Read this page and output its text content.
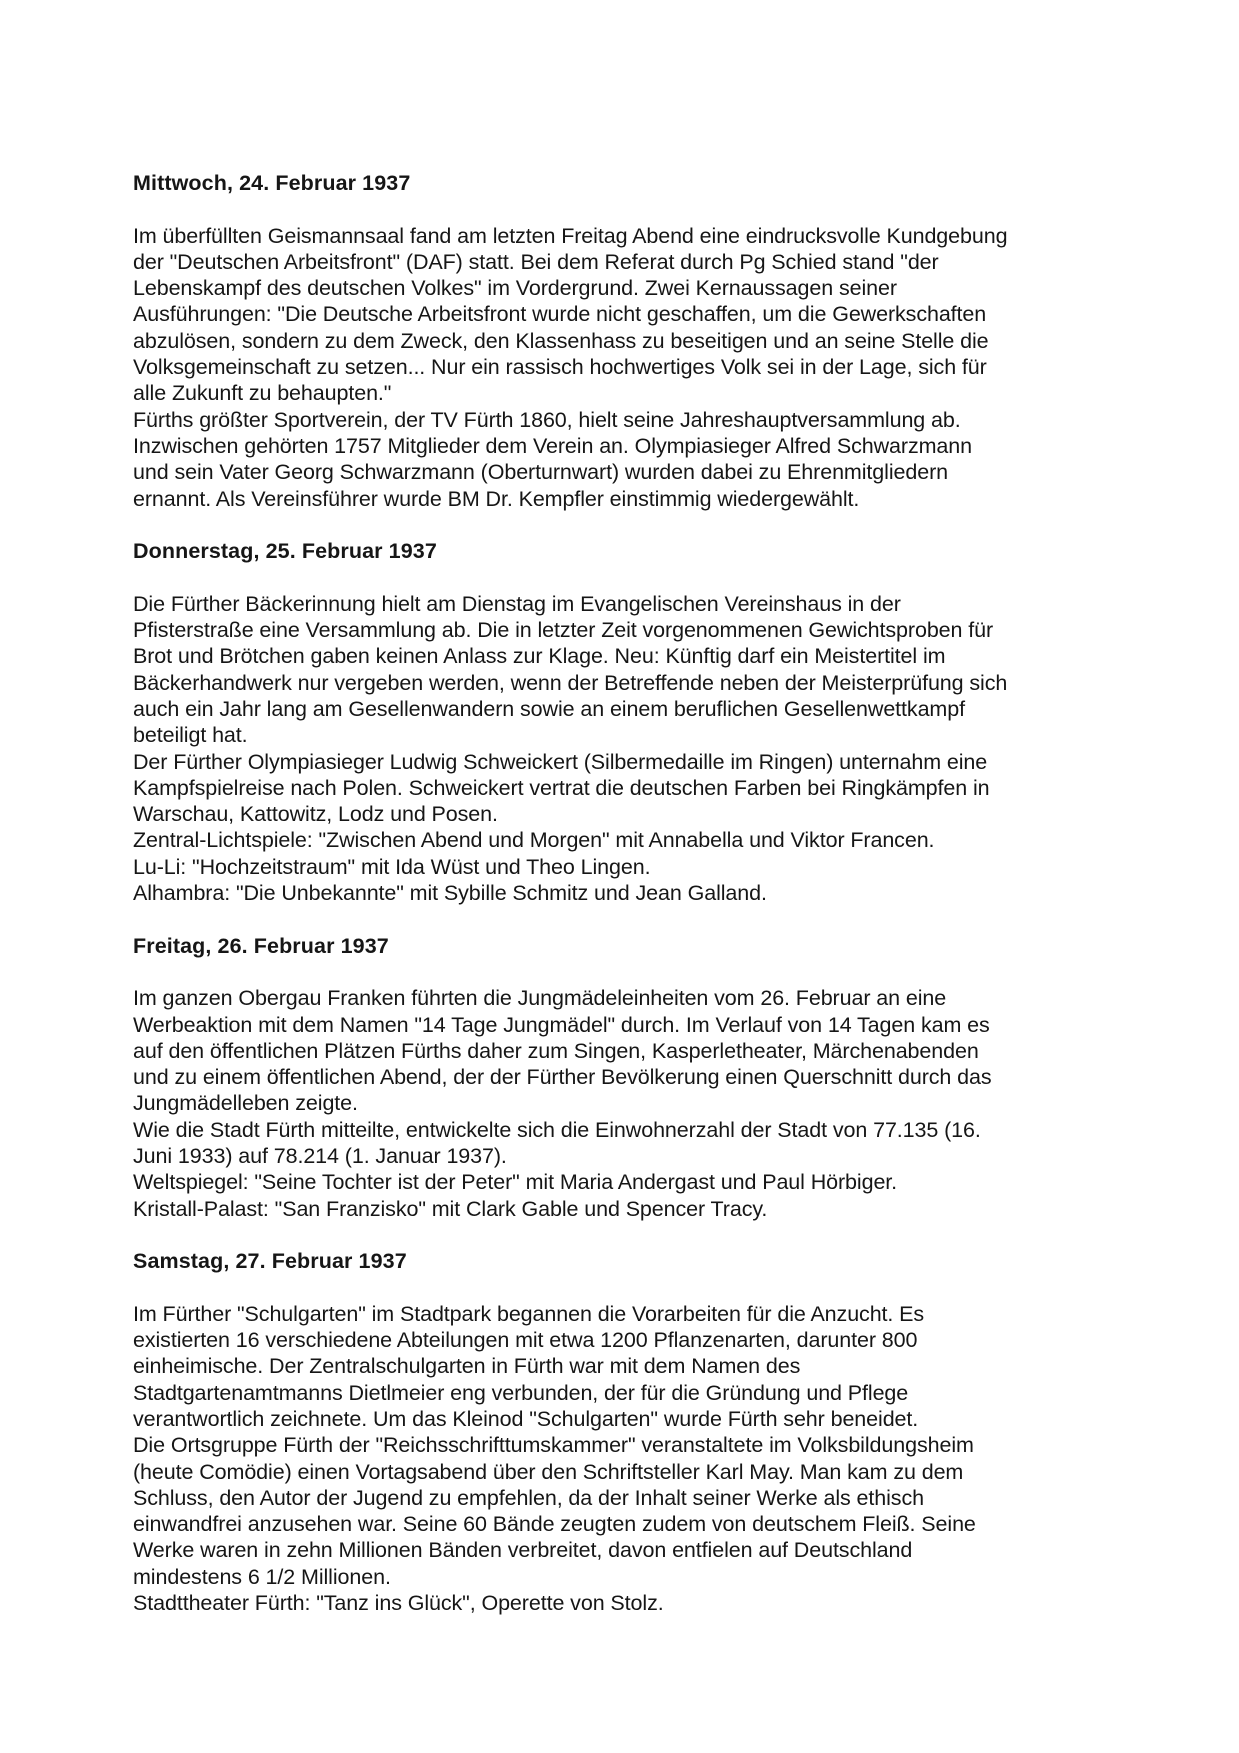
Mittwoch, 24. Februar 1937
Im überfüllten Geismannsaal fand am letzten Freitag Abend eine eindrucksvolle Kundgebung
der "Deutschen Arbeitsfront" (DAF) statt. Bei dem Referat durch Pg Schied stand "der
Lebenskampf des deutschen Volkes" im Vordergrund. Zwei Kernaussagen seiner
Ausführungen: "Die Deutsche Arbeitsfront wurde nicht geschaffen, um die Gewerkschaften
abzulösen, sondern zu dem Zweck, den Klassenhass zu beseitigen und an seine Stelle die
Volksgemeinschaft zu setzen... Nur ein rassisch hochwertiges Volk sei in der Lage, sich für
alle Zukunft zu behaupten."
Fürths größter Sportverein, der TV Fürth 1860, hielt seine Jahreshauptversammlung ab.
Inzwischen gehörten 1757 Mitglieder dem Verein an. Olympiasieger Alfred Schwarzmann
und sein Vater Georg Schwarzmann (Oberturnwart) wurden dabei zu Ehrenmitgliedern
ernannt. Als Vereinsführer wurde BM Dr. Kempfler einstimmig wiedergewählt.
Donnerstag, 25. Februar 1937
Die Fürther Bäckerinnung hielt am Dienstag im Evangelischen Vereinshaus in der
Pfisterstraße eine Versammlung ab. Die in letzter Zeit vorgenommenen Gewichtsproben für
Brot und Brötchen gaben keinen Anlass zur Klage. Neu: Künftig darf ein Meistertitel im
Bäckerhandwerk nur vergeben werden, wenn der Betreffende neben der Meisterprüfung sich
auch ein Jahr lang am Gesellenwandern sowie an einem beruflichen Gesellenwettkampf
beteiligt hat.
Der Fürther Olympiasieger Ludwig Schweickert (Silbermedaille im Ringen) unternahm eine
Kampfspielreise nach Polen. Schweickert vertrat die deutschen Farben bei Ringkämpfen in
Warschau, Kattowitz, Lodz und Posen.
Zentral-Lichtspiele: "Zwischen Abend und Morgen" mit Annabella und Viktor Francen.
Lu-Li: "Hochzeitstraum" mit Ida Wüst und Theo Lingen.
Alhambra: "Die Unbekannte" mit Sybille Schmitz und Jean Galland.
Freitag, 26. Februar 1937
Im ganzen Obergau Franken führten die Jungmädeleinheiten vom 26. Februar an eine
Werbeaktion mit dem Namen "14 Tage Jungmädel" durch. Im Verlauf von 14 Tagen kam es
auf den öffentlichen Plätzen Fürths daher zum Singen, Kasperletheater, Märchenabenden
und zu einem öffentlichen Abend, der der Fürther Bevölkerung einen Querschnitt durch das
Jungmädelleben zeigte.
Wie die Stadt Fürth mitteilte, entwickelte sich die Einwohnerzahl der Stadt von 77.135 (16.
Juni 1933) auf 78.214 (1. Januar 1937).
Weltspiegel: "Seine Tochter ist der Peter" mit Maria Andergast und Paul Hörbiger.
Kristall-Palast: "San Franzisko" mit Clark Gable und Spencer Tracy.
Samstag, 27. Februar 1937
Im Fürther "Schulgarten" im Stadtpark begannen die Vorarbeiten für die Anzucht. Es
existierten 16 verschiedene Abteilungen mit etwa 1200 Pflanzenarten, darunter 800
einheimische. Der Zentralschulgarten in Fürth war mit dem Namen des
Stadtgartenamtmanns Dietlmeier eng verbunden, der für die Gründung und Pflege
verantwortlich zeichnete. Um das Kleinod "Schulgarten" wurde Fürth sehr beneidet.
Die Ortsgruppe Fürth der "Reichsschrifttumskammer" veranstaltete im Volksbildungsheim
(heute Comödie) einen Vortagsabend über den Schriftsteller Karl May. Man kam zu dem
Schluss, den Autor der Jugend zu empfehlen, da der Inhalt seiner Werke als ethisch
einwandfrei anzusehen war. Seine 60 Bände zeugten zudem von deutschem Fleiß. Seine
Werke waren in zehn Millionen Bänden verbreitet, davon entfielen auf Deutschland
mindestens 6 1/2 Millionen.
Stadttheater Fürth: "Tanz ins Glück", Operette von Stolz.
